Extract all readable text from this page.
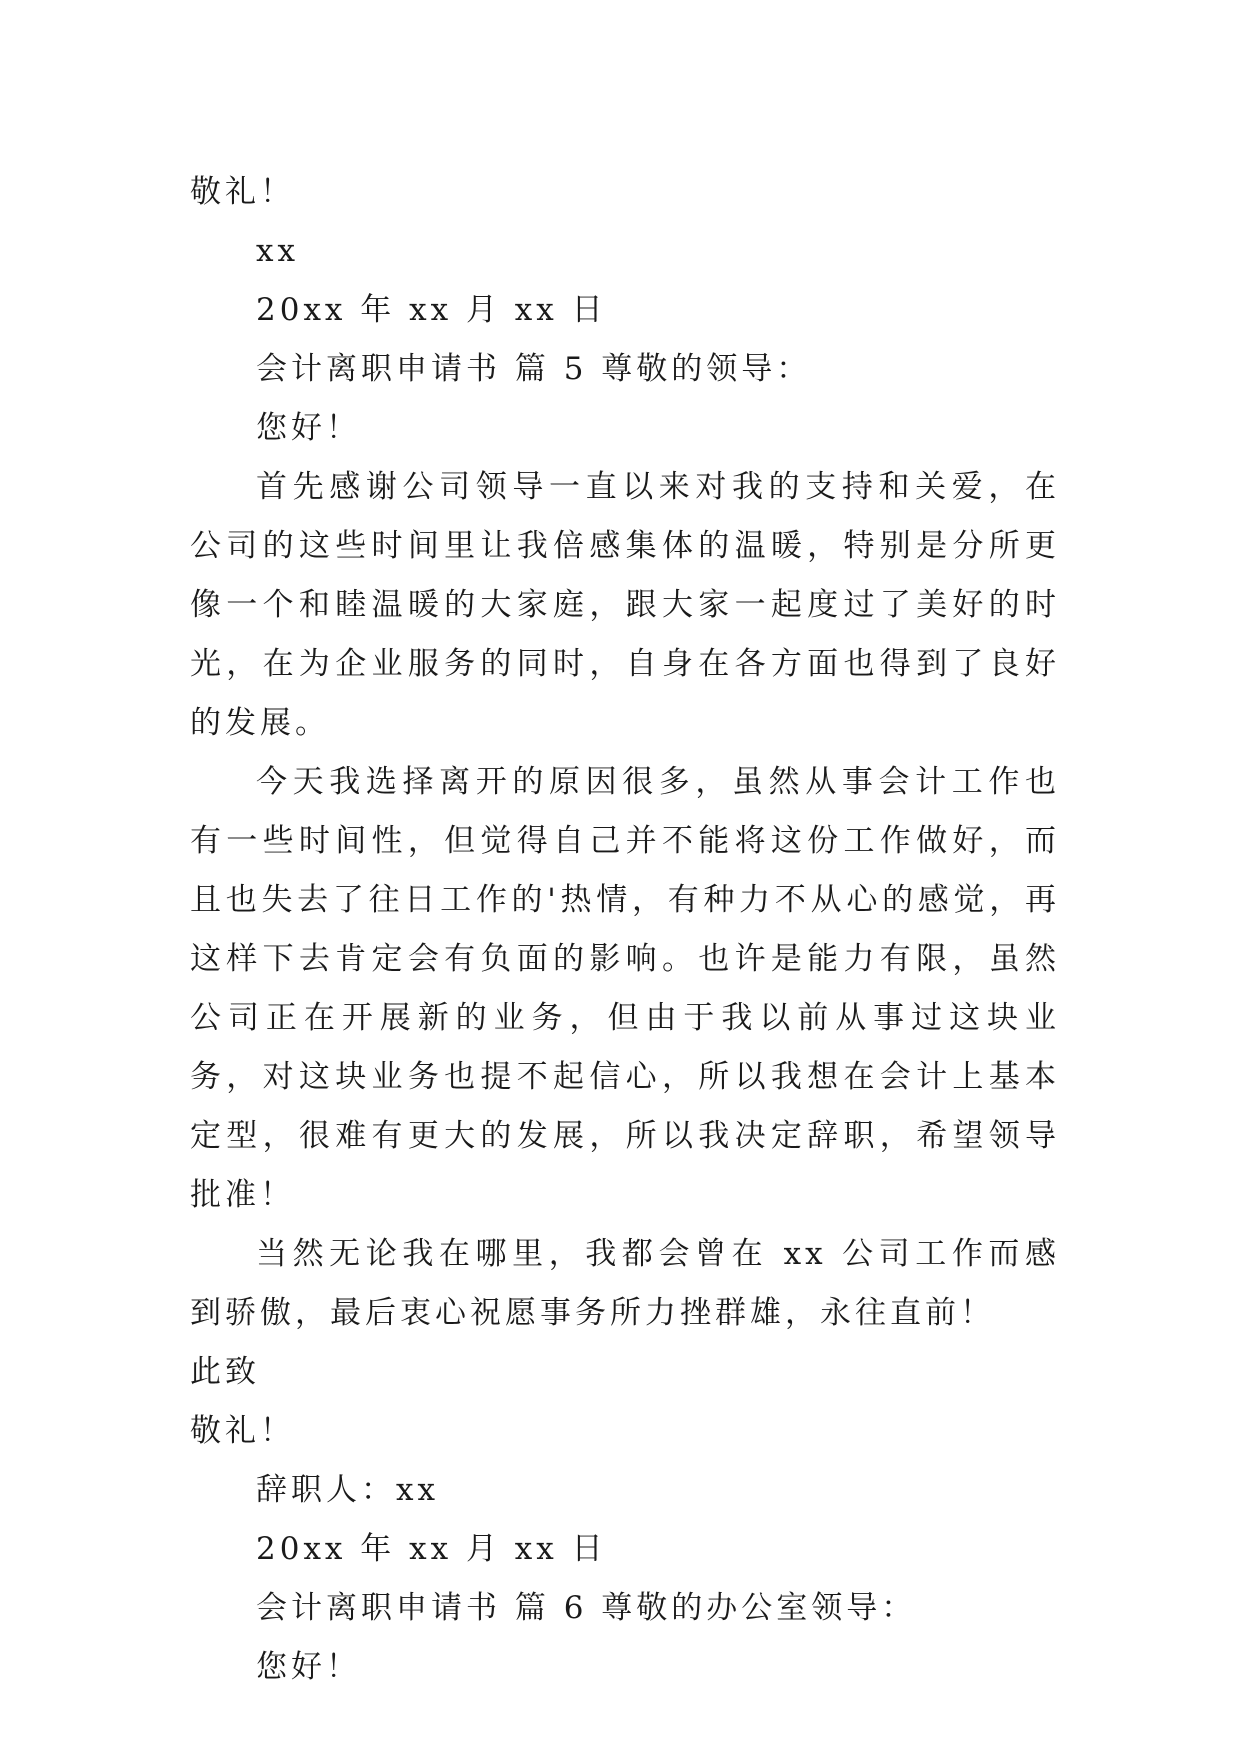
敬礼！
xx
20xx 年 xx 月 xx 日
会计离职申请书 篇 5 尊敬的领导：
您好！

首先感谢公司领导一直以来对我的支持和关爱，在公司的这些时间里让我倍感集体的温暖，特别是分所更像一个和睦温暖的大家庭，跟大家一起度过了美好的时光，在为企业服务的同时，自身在各方面也得到了良好的发展。

今天我选择离开的原因很多，虽然从事会计工作也有一些时间性，但觉得自己并不能将这份工作做好，而且也失去了往日工作的'热情，有种力不从心的感觉，再这样下去肯定会有负面的影响。也许是能力有限，虽然公司正在开展新的业务，但由于我以前从事过这块业务，对这块业务也提不起信心，所以我想在会计上基本定型，很难有更大的发展，所以我决定辞职，希望领导批准！

当然无论我在哪里，我都会曾在 xx 公司工作而感到骄傲，最后衷心祝愿事务所力挫群雄，永往直前！

此致
敬礼！
辞职人：xx
20xx 年 xx 月 xx 日
会计离职申请书 篇 6 尊敬的办公室领导：
您好！
